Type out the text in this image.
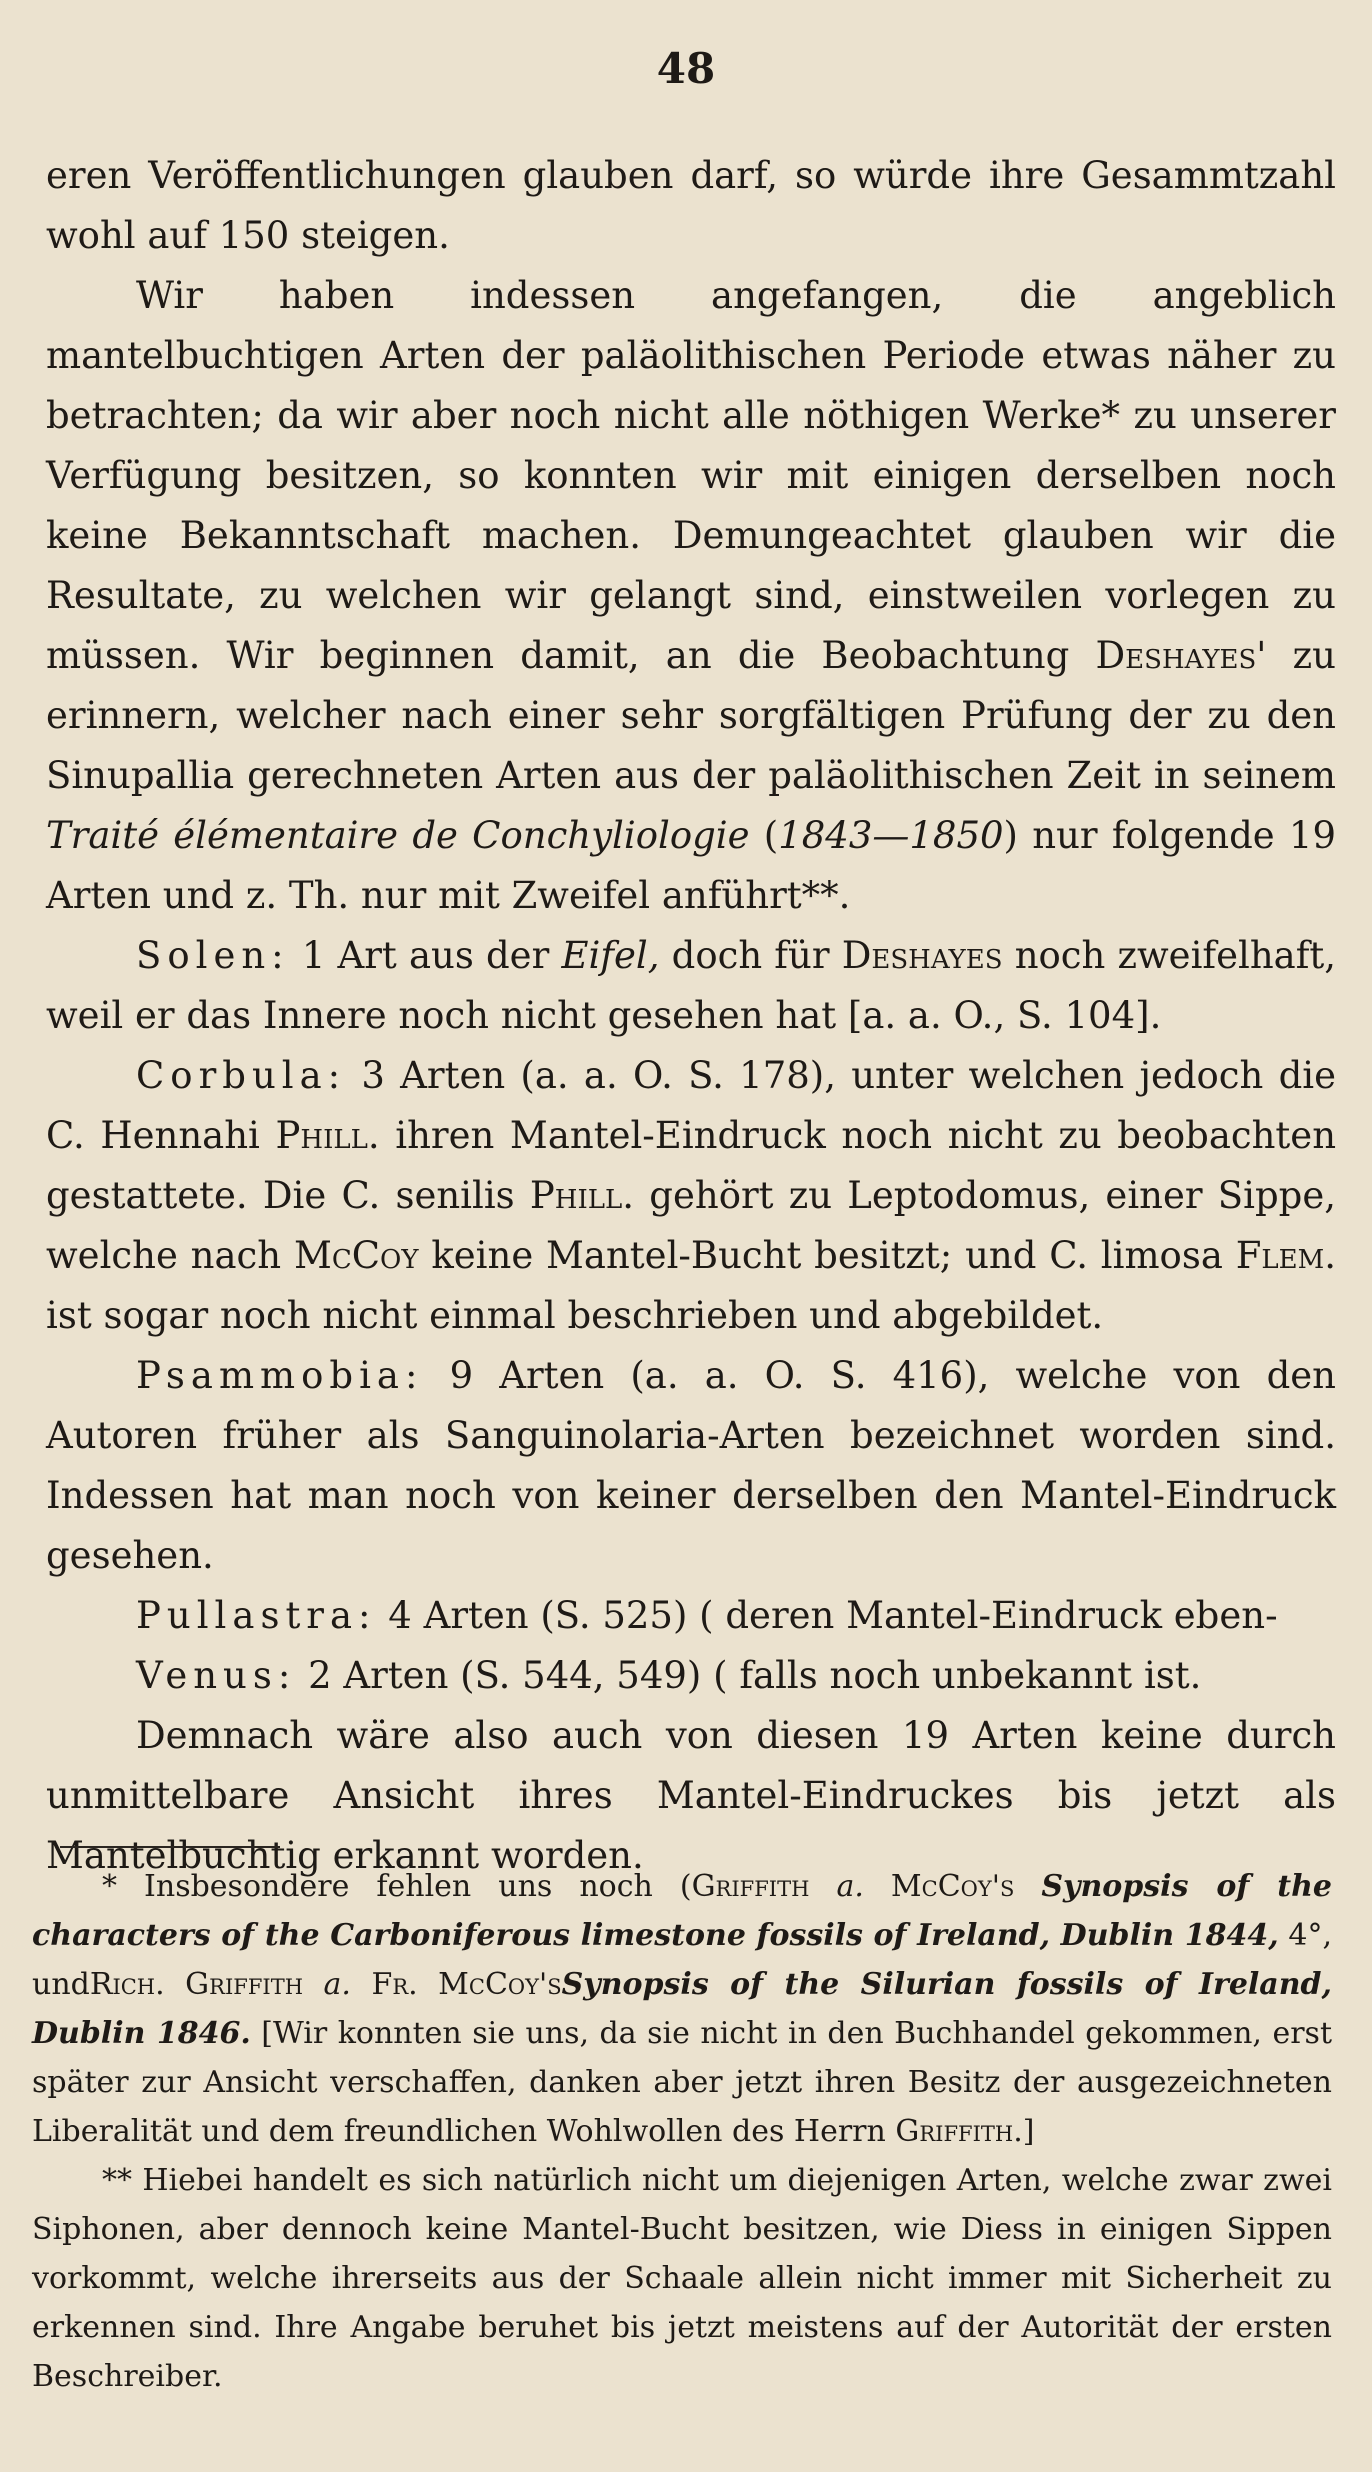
48

eren Veröffentlichungen glauben darf, so würde ihre Gesammtzahl wohl auf 150 steigen.

Wir haben indessen angefangen, die angeblich mantelbuchtigen Arten der paläolithischen Periode etwas näher zu betrachten; da wir aber noch nicht alle nöthigen Werke* zu unserer Verfügung besitzen, so konnten wir mit einigen derselben noch keine Bekanntschaft machen. Demungeachtet glauben wir die Resultate, zu welchen wir gelangt sind, einstweilen vorlegen zu müssen. Wir beginnen damit, an die Beobachtung Deshayes' zu erinnern, welcher nach einer sehr sorgfältigen Prüfung der zu den Sinupallia gerechneten Arten aus der paläolithischen Zeit in seinem Traité élémentaire de Conchyliologie (1843—1850) nur folgende 19 Arten und z. Th. nur mit Zweifel anführt**.

Solen: 1 Art aus der Eifel, doch für Deshayes noch zweifelhaft, weil er das Innere noch nicht gesehen hat [a. a. O., S. 104].

Corbula: 3 Arten (a. a. O. S. 178), unter welchen jedoch die C. Hennahi Phill. ihren Mantel-Eindruck noch nicht zu beobachten gestattete. Die C. senilis Phill. gehört zu Leptodomus, einer Sippe, welche nach McCoy keine Mantel-Bucht besitzt; und C. limosa Flem. ist sogar noch nicht einmal beschrieben und abgebildet.

Psammobia: 9 Arten (a. a. O. S. 416), welche von den Autoren früher als Sanguinolaria-Arten bezeichnet worden sind. Indessen hat man noch von keiner derselben den Mantel-Eindruck gesehen.

Pullastra: 4 Arten (S. 525) ( deren Mantel-Eindruck eben-

Venus: 2 Arten (S. 544, 549) ( falls noch unbekannt ist.

Demnach wäre also auch von diesen 19 Arten keine durch unmittelbare Ansicht ihres Mantel-Eindruckes bis jetzt als Mantelbuchtig erkannt worden.

* Insbesondere fehlen uns noch (Griffith a. McCoy's Synopsis of the characters of the Carboniferous limestone fossils of Ireland, Dublin 1844, 4°, undRich. Griffith a. Fr. McCoy'sSynopsis of the Silurian fossils of Ireland, Dublin 1846. [Wir konnten sie uns, da sie nicht in den Buchhandel gekommen, erst später zur Ansicht verschaffen, danken aber jetzt ihren Besitz der ausgezeichneten Liberalität und dem freundlichen Wohlwollen des Herrn Griffith.]

** Hiebei handelt es sich natürlich nicht um diejenigen Arten, welche zwar zwei Siphonen, aber dennoch keine Mantel-Bucht besitzen, wie Diess in einigen Sippen vorkommt, welche ihrerseits aus der Schaale allein nicht immer mit Sicherheit zu erkennen sind. Ihre Angabe beruhet bis jetzt meistens auf der Autorität der ersten Beschreiber.
